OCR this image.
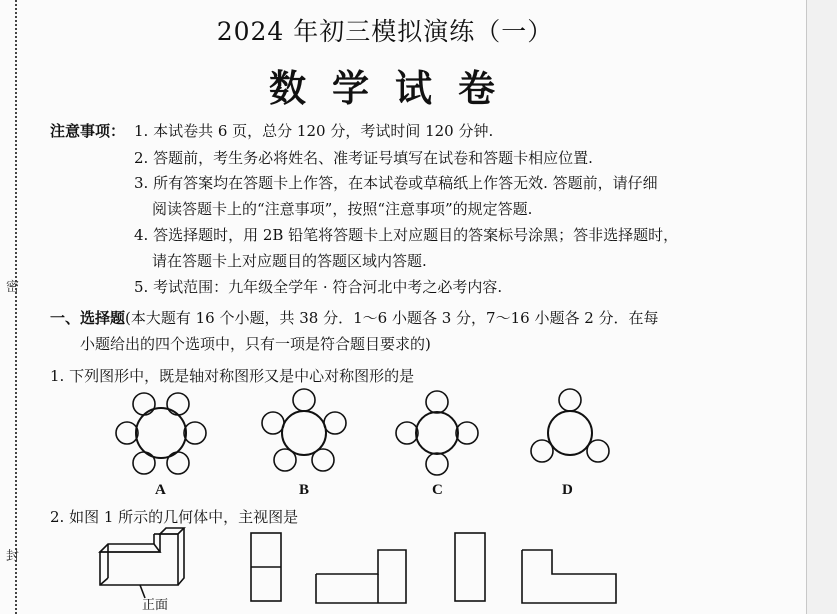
密
封
2024 年初三模拟演练（一）
数学试卷
注意事项： 1. 本试卷共 6 页，总分 120 分，考试时间 120 分钟.
2. 答题前，考生务必将姓名、准考证号填写在试卷和答题卡相应位置.
3. 所有答案均在答题卡上作答，在本试卷或草稿纸上作答无效. 答题前，请仔细
阅读答题卡上的“注意事项”，按照“注意事项”的规定答题.
4. 答选择题时，用 2B 铅笔将答题卡上对应题目的答案标号涂黑；答非选择题时，
请在答题卡上对应题目的答题区域内答题.
5. 考试范围：九年级全学年 · 符合河北中考之必考内容.
一、选择题(本大题有 16 个小题，共 38 分．1～6 小题各 3 分，7～16 小题各 2 分．在每
小题给出的四个选项中，只有一项是符合题目要求的)
1. 下列图形中，既是轴对称图形又是中心对称图形的是
A	B	C	D
2. 如图 1 所示的几何体中，主视图是
正面
